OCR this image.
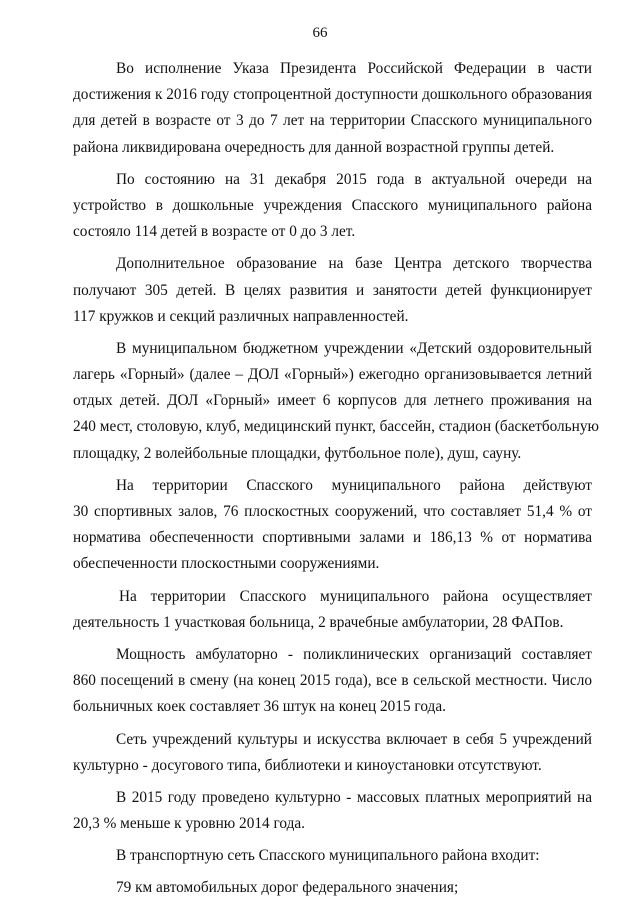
66
Во исполнение Указа Президента Российской Федерации в части
достижения к 2016 году стопроцентной доступности дошкольного образования
для детей в возрасте от 3 до 7 лет на территории Спасского муниципального
района ликвидирована очередность для данной возрастной группы детей.
По состоянию на 31 декабря 2015 года в актуальной очереди на
устройство в дошкольные учреждения Спасского муниципального района
состояло 114 детей в возрасте от 0 до 3 лет.
Дополнительное образование на базе Центра детского творчества
получают 305 детей. В целях развития и занятости детей функционирует
117 кружков и секций различных направленностей.
В муниципальном бюджетном учреждении «Детский оздоровительный
лагерь «Горный» (далее – ДОЛ «Горный») ежегодно организовывается летний
отдых детей. ДОЛ «Горный» имеет 6 корпусов для летнего проживания на
240 мест, столовую, клуб, медицинский пункт, бассейн, стадион (баскетбольную
площадку, 2 волейбольные площадки, футбольное поле), душ, сауну.
На территории Спасского муниципального района действуют
30 спортивных залов, 76 плоскостных сооружений, что составляет 51,4 % от
норматива обеспеченности спортивными залами и 186,13 % от норматива
обеспеченности плоскостными сооружениями.
На территории Спасского муниципального района осуществляет
деятельность 1 участковая больница, 2 врачебные амбулатории, 28 ФАПов.
Мощность амбулаторно - поликлинических организаций составляет
860 посещений в смену (на конец 2015 года), все в сельской местности. Число
больничных коек составляет 36 штук на конец 2015 года.
Сеть учреждений культуры и искусства включает в себя 5 учреждений
культурно - досугового типа, библиотеки и киноустановки отсутствуют.
В 2015 году проведено культурно - массовых платных мероприятий на
20,3 % меньше к уровню 2014 года.
В транспортную сеть Спасского муниципального района входит:
79 км автомобильных дорог федерального значения;
